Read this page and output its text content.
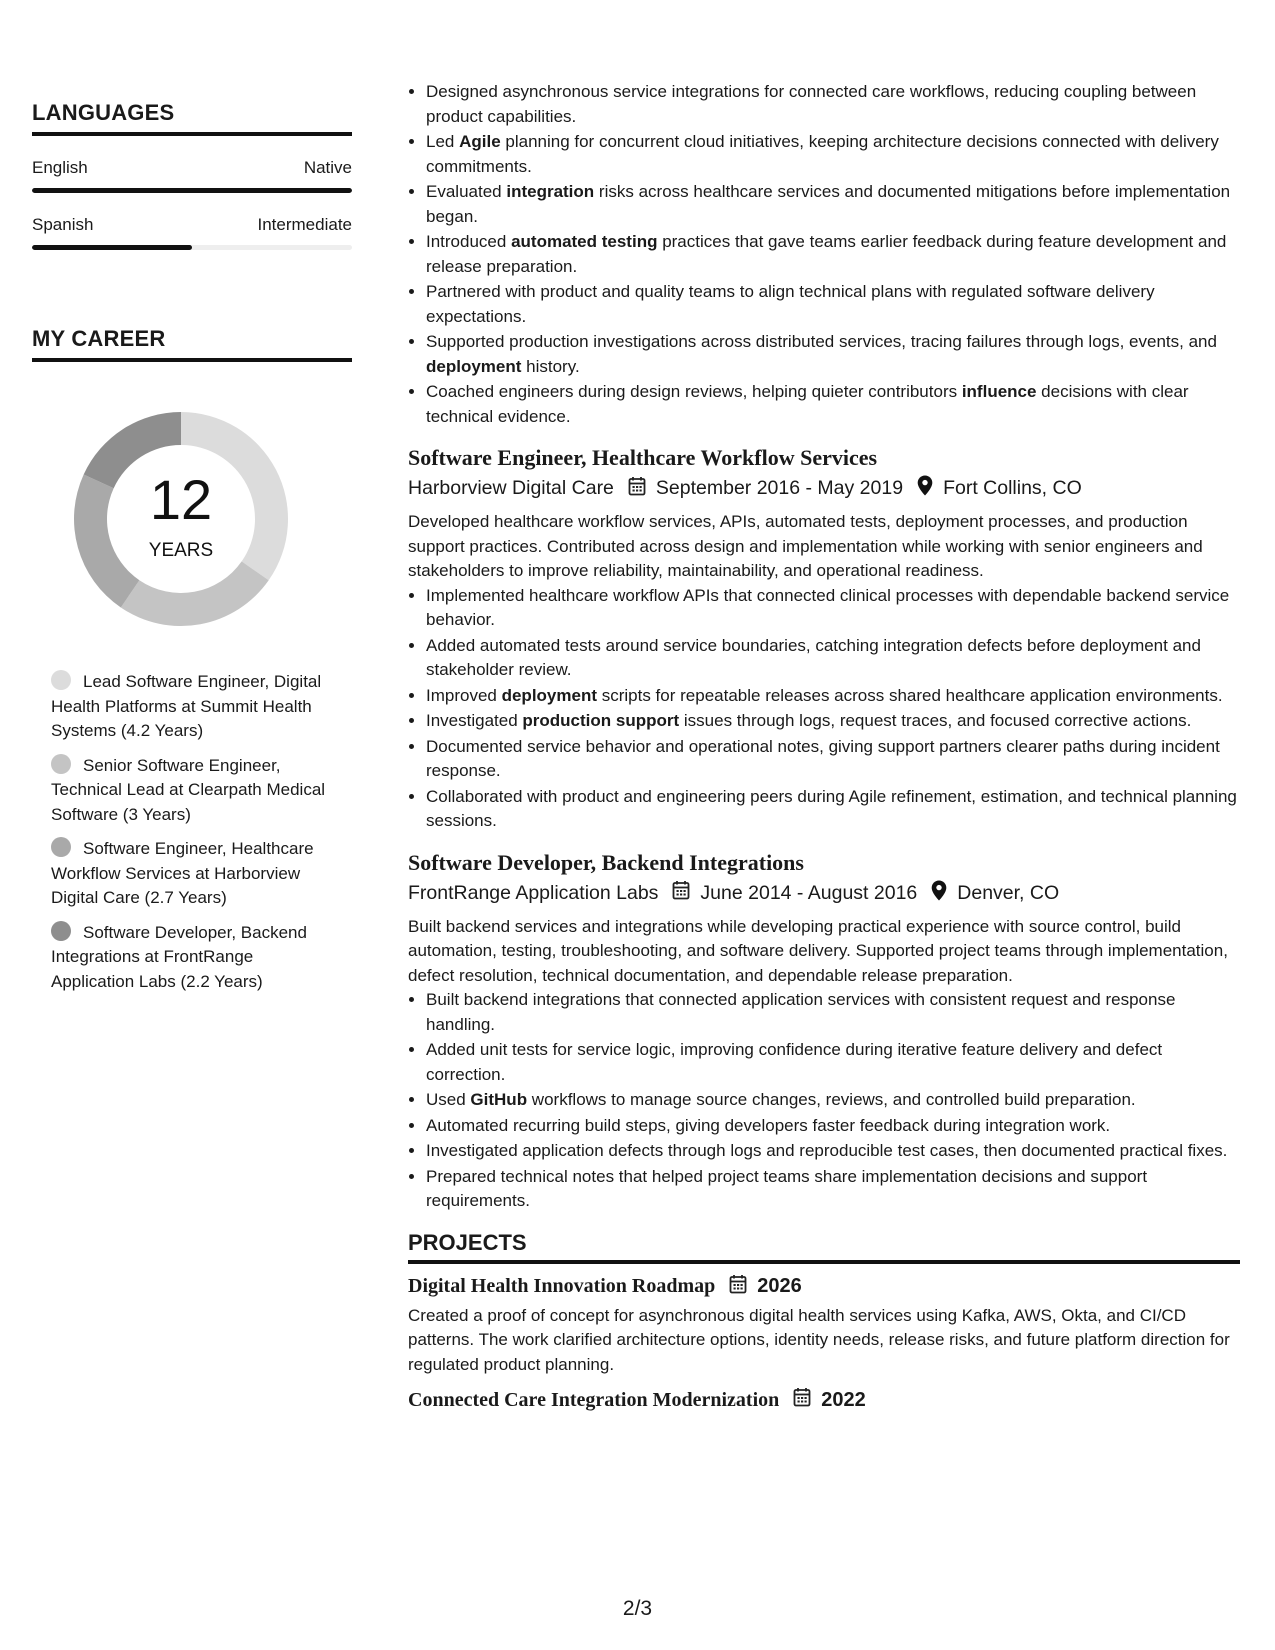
LANGUAGES
English	Native
Spanish	Intermediate
MY CAREER
12
YEARS
Lead Software Engineer, Digital Health Platforms at Summit Health Systems (4.2 Years)
Senior Software Engineer, Technical Lead at Clearpath Medical Software (3 Years)
Software Engineer, Healthcare Workflow Services at Harborview Digital Care (2.7 Years)
Software Developer, Backend Integrations at FrontRange Application Labs (2.2 Years)
• Designed asynchronous service integrations for connected care workflows, reducing coupling between product capabilities.
• Led Agile planning for concurrent cloud initiatives, keeping architecture decisions connected with delivery commitments.
• Evaluated integration risks across healthcare services and documented mitigations before implementation began.
• Introduced automated testing practices that gave teams earlier feedback during feature development and release preparation.
• Partnered with product and quality teams to align technical plans with regulated software delivery expectations.
• Supported production investigations across distributed services, tracing failures through logs, events, and deployment history.
• Coached engineers during design reviews, helping quieter contributors influence decisions with clear technical evidence.
Software Engineer, Healthcare Workflow Services
Harborview Digital Care September 2016 - May 2019 Fort Collins, CO

Developed healthcare workflow services, APIs, automated tests, deployment processes, and production support practices. Contributed across design and implementation while working with senior engineers and stakeholders to improve reliability, maintainability, and operational readiness.

• Implemented healthcare workflow APIs that connected clinical processes with dependable backend service behavior.
• Added automated tests around service boundaries, catching integration defects before deployment and stakeholder review.
• Improved deployment scripts for repeatable releases across shared healthcare application environments.
• Investigated production support issues through logs, request traces, and focused corrective actions.
• Documented service behavior and operational notes, giving support partners clearer paths during incident response.
• Collaborated with product and engineering peers during Agile refinement, estimation, and technical planning sessions.
Software Developer, Backend Integrations
FrontRange Application Labs June 2014 - August 2016 Denver, CO

Built backend services and integrations while developing practical experience with source control, build automation, testing, troubleshooting, and software delivery. Supported project teams through implementation, defect resolution, technical documentation, and dependable release preparation.

• Built backend integrations that connected application services with consistent request and response handling.
• Added unit tests for service logic, improving confidence during iterative feature delivery and defect correction.
• Used GitHub workflows to manage source changes, reviews, and controlled build preparation.
• Automated recurring build steps, giving developers faster feedback during integration work.
• Investigated application defects through logs and reproducible test cases, then documented practical fixes.
• Prepared technical notes that helped project teams share implementation decisions and support requirements.
PROJECTS
Digital Health Innovation Roadmap 2026

Created a proof of concept for asynchronous digital health services using Kafka, AWS, Okta, and CI/CD patterns. The work clarified architecture options, identity needs, release risks, and future platform direction for regulated product planning.

Connected Care Integration Modernization 2022
2/3
